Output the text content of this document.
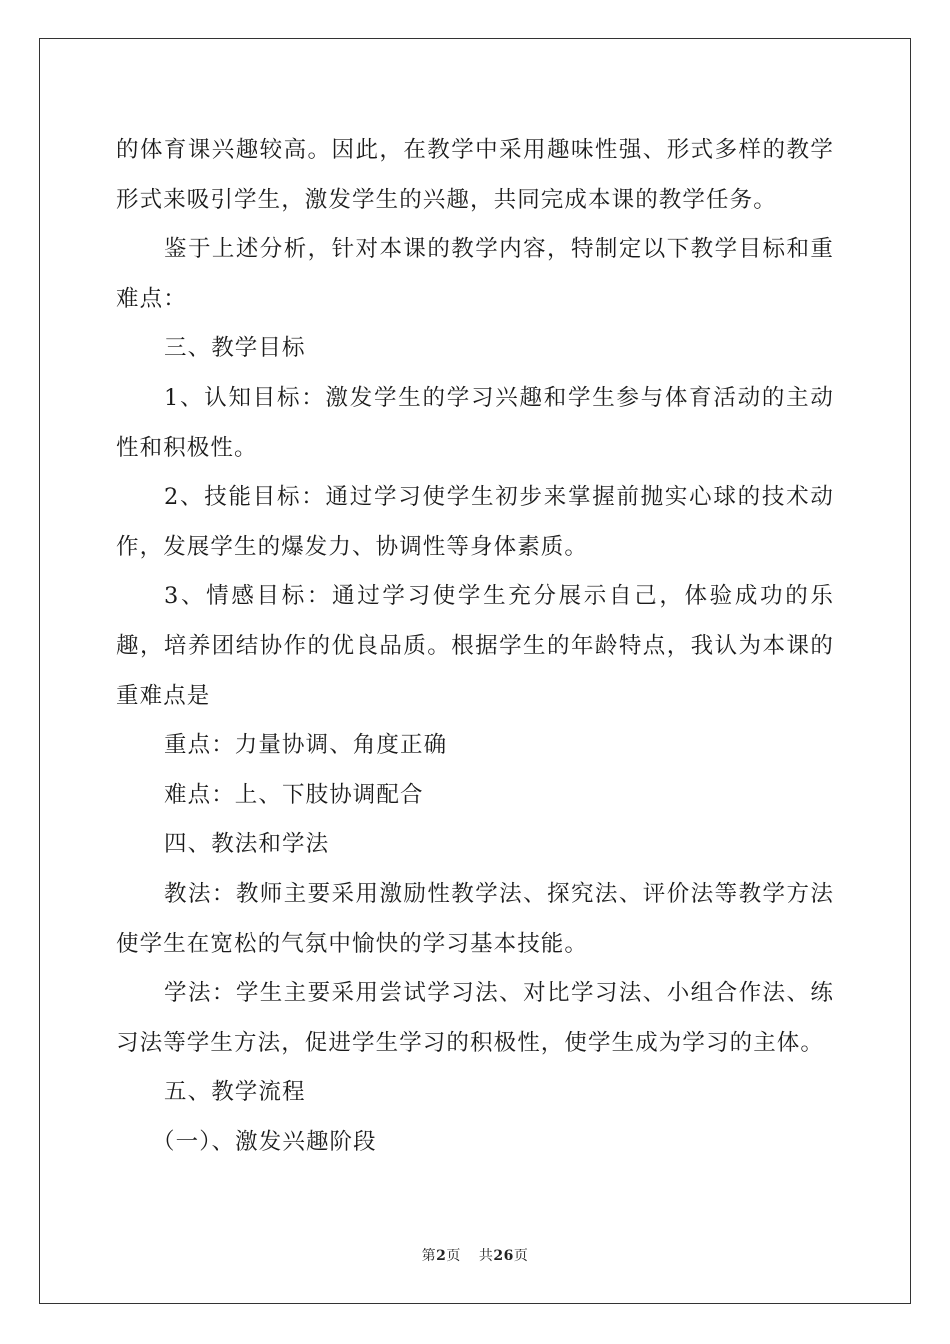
的体育课兴趣较高。因此，在教学中采用趣味性强、形式多样的教学形式来吸引学生，激发学生的兴趣，共同完成本课的教学任务。

鉴于上述分析，针对本课的教学内容，特制定以下教学目标和重难点：

三、教学目标

1、认知目标：激发学生的学习兴趣和学生参与体育活动的主动性和积极性。

2、技能目标：通过学习使学生初步来掌握前抛实心球的技术动作，发展学生的爆发力、协调性等身体素质。

3、情感目标：通过学习使学生充分展示自己，体验成功的乐趣，培养团结协作的优良品质。根据学生的年龄特点，我认为本课的重难点是

重点：力量协调、角度正确

难点：上、下肢协调配合

四、教法和学法

教法：教师主要采用激励性教学法、探究法、评价法等教学方法使学生在宽松的气氛中愉快的学习基本技能。

学法：学生主要采用尝试学习法、对比学习法、小组合作法、练习法等学生方法，促进学生学习的积极性，使学生成为学习的主体。

五、教学流程

（一）、激发兴趣阶段

第2页 共26页
